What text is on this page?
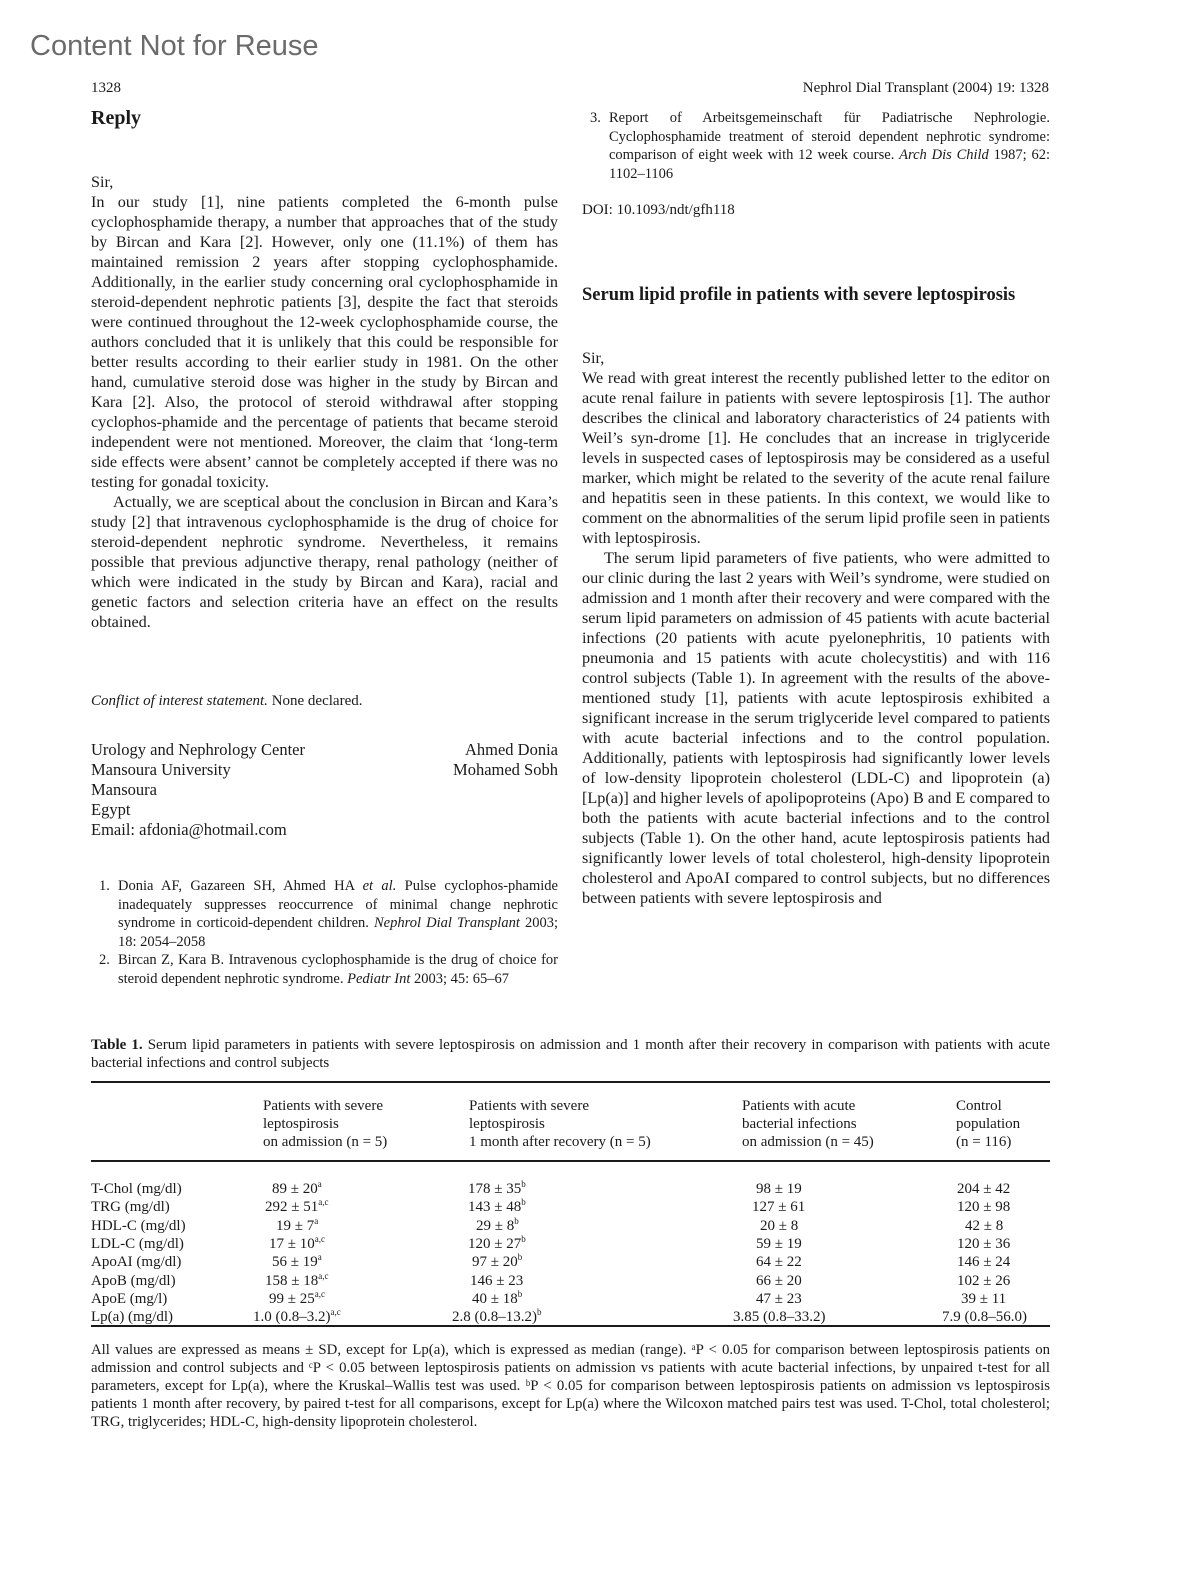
Content Not for Reuse
1328	Nephrol Dial Transplant (2004) 19: 1328
Reply

Sir,

In our study [1], nine patients completed the 6-month pulse cyclophosphamide therapy, a number that approaches that of the study by Bircan and Kara [2]. However, only one (11.1%) of them has maintained remission 2 years after stopping cyclophosphamide. Additionally, in the earlier study concerning oral cyclophosphamide in steroid-dependent nephrotic patients [3], despite the fact that steroids were continued throughout the 12-week cyclophosphamide course, the authors concluded that it is unlikely that this could be responsible for better results according to their earlier study in 1981. On the other hand, cumulative steroid dose was higher in the study by Bircan and Kara [2]. Also, the protocol of steroid withdrawal after stopping cyclophos-phamide and the percentage of patients that became steroid independent were not mentioned. Moreover, the claim that ‘long-term side effects were absent’ cannot be completely accepted if there was no testing for gonadal toxicity.

Actually, we are sceptical about the conclusion in Bircan and Kara’s study [2] that intravenous cyclophosphamide is the drug of choice for steroid-dependent nephrotic syndrome. Nevertheless, it remains possible that previous adjunctive therapy, renal pathology (neither of which were indicated in the study by Bircan and Kara), racial and genetic factors and selection criteria have an effect on the results obtained.

Conflict of interest statement. None declared.
Urology and Nephrology Center
Mansoura University
Mansoura
Egypt
Email: afdonia@hotmail.com
Ahmed Donia
Mohamed Sobh
1. Donia AF, Gazareen SH, Ahmed HA et al. Pulse cyclophos-phamide inadequately suppresses reoccurrence of minimal change nephrotic syndrome in corticoid-dependent children. Nephrol Dial Transplant 2003; 18: 2054–2058
2. Bircan Z, Kara B. Intravenous cyclophosphamide is the drug of choice for steroid dependent nephrotic syndrome. Pediatr Int 2003; 45: 65–67
3. Report of Arbeitsgemeinschaft für Padiatrische Nephrologie. Cyclophosphamide treatment of steroid dependent nephrotic syndrome: comparison of eight week with 12 week course. Arch Dis Child 1987; 62: 1102–1106
DOI: 10.1093/ndt/gfh118
Serum lipid profile in patients with severe leptospirosis

Sir,

We read with great interest the recently published letter to the editor on acute renal failure in patients with severe leptospirosis [1]. The author describes the clinical and laboratory characteristics of 24 patients with Weil’s syn-drome [1]. He concludes that an increase in triglyceride levels in suspected cases of leptospirosis may be considered as a useful marker, which might be related to the severity of the acute renal failure and hepatitis seen in these patients. In this context, we would like to comment on the abnormalities of the serum lipid profile seen in patients with leptospirosis.

The serum lipid parameters of five patients, who were admitted to our clinic during the last 2 years with Weil’s syndrome, were studied on admission and 1 month after their recovery and were compared with the serum lipid parameters on admission of 45 patients with acute bacterial infections (20 patients with acute pyelonephritis, 10 patients with pneumonia and 15 patients with acute cholecystitis) and with 116 control subjects (Table 1). In agreement with the results of the above-mentioned study [1], patients with acute leptospirosis exhibited a significant increase in the serum triglyceride level compared to patients with acute bacterial infections and to the control population. Additionally, patients with leptospirosis had significantly lower levels of low-density lipoprotein cholesterol (LDL-C) and lipoprotein (a) [Lp(a)] and higher levels of apolipoproteins (Apo) B and E compared to both the patients with acute bacterial infections and to the control subjects (Table 1). On the other hand, acute leptospirosis patients had significantly lower levels of total cholesterol, high-density lipoprotein cholesterol and ApoAI compared to control subjects, but no differences between patients with severe leptospirosis and

Table 1. Serum lipid parameters in patients with severe leptospirosis on admission and 1 month after their recovery in comparison with patients with acute bacterial infections and control subjects
Patients with severe
leptospirosis
on admission (n = 5)
Patients with severe
leptospirosis
1 month after recovery (n = 5)
Patients with acute
bacterial infections
on admission (n = 45)
Control
population
(n = 116)
T-Chol (mg/dl)	$89 \pm 20^a$	$178 \pm 35^b$	98 ± 19	204 ± 42
TRG (mg/dl)	$292 \pm 51^{a,c}$	$143 \pm 48^b$	127 ± 61	120 ± 98
HDL-C (mg/dl)	$19 \pm 7^a$	$29 \pm 8^b$	20 ± 8	42 ± 8
LDL-C (mg/dl)	$17 \pm 10^{a,c}$	$120 \pm 27^b$	59 ± 19	120 ± 36
ApoAI (mg/dl)	$56 \pm 19^a$	$97 \pm 20^b$	64 ± 22	146 ± 24
ApoB (mg/dl)	$158 \pm 18^{a,c}$	146 ± 23	66 ± 20	102 ± 26
ApoE (mg/l)	$99 \pm 25^{a,c}$	$40 \pm 18^b$	47 ± 23	39 ± 11
Lp(a) (mg/dl)	1.0 $(0.8-3.2)^{a,c}$	2.8 $(0.8-13.2)^b$	3.85 (0.8–33.2)	7.9 (0.8–56.0)
All values are expressed as means ± SD, except for Lp(a), which is expressed as median (range). ᵃP < 0.05 for comparison between leptospirosis patients on admission and control subjects and ᶜP < 0.05 between leptospirosis patients on admission vs patients with acute bacterial infections, by unpaired t-test for all parameters, except for Lp(a), where the Kruskal–Wallis test was used. ᵇP < 0.05 for comparison between leptospirosis patients on admission vs leptospirosis patients 1 month after recovery, by paired t-test for all comparisons, except for Lp(a) where the Wilcoxon matched pairs test was used. T-Chol, total cholesterol; TRG, triglycerides; HDL-C, high-density lipoprotein cholesterol.
